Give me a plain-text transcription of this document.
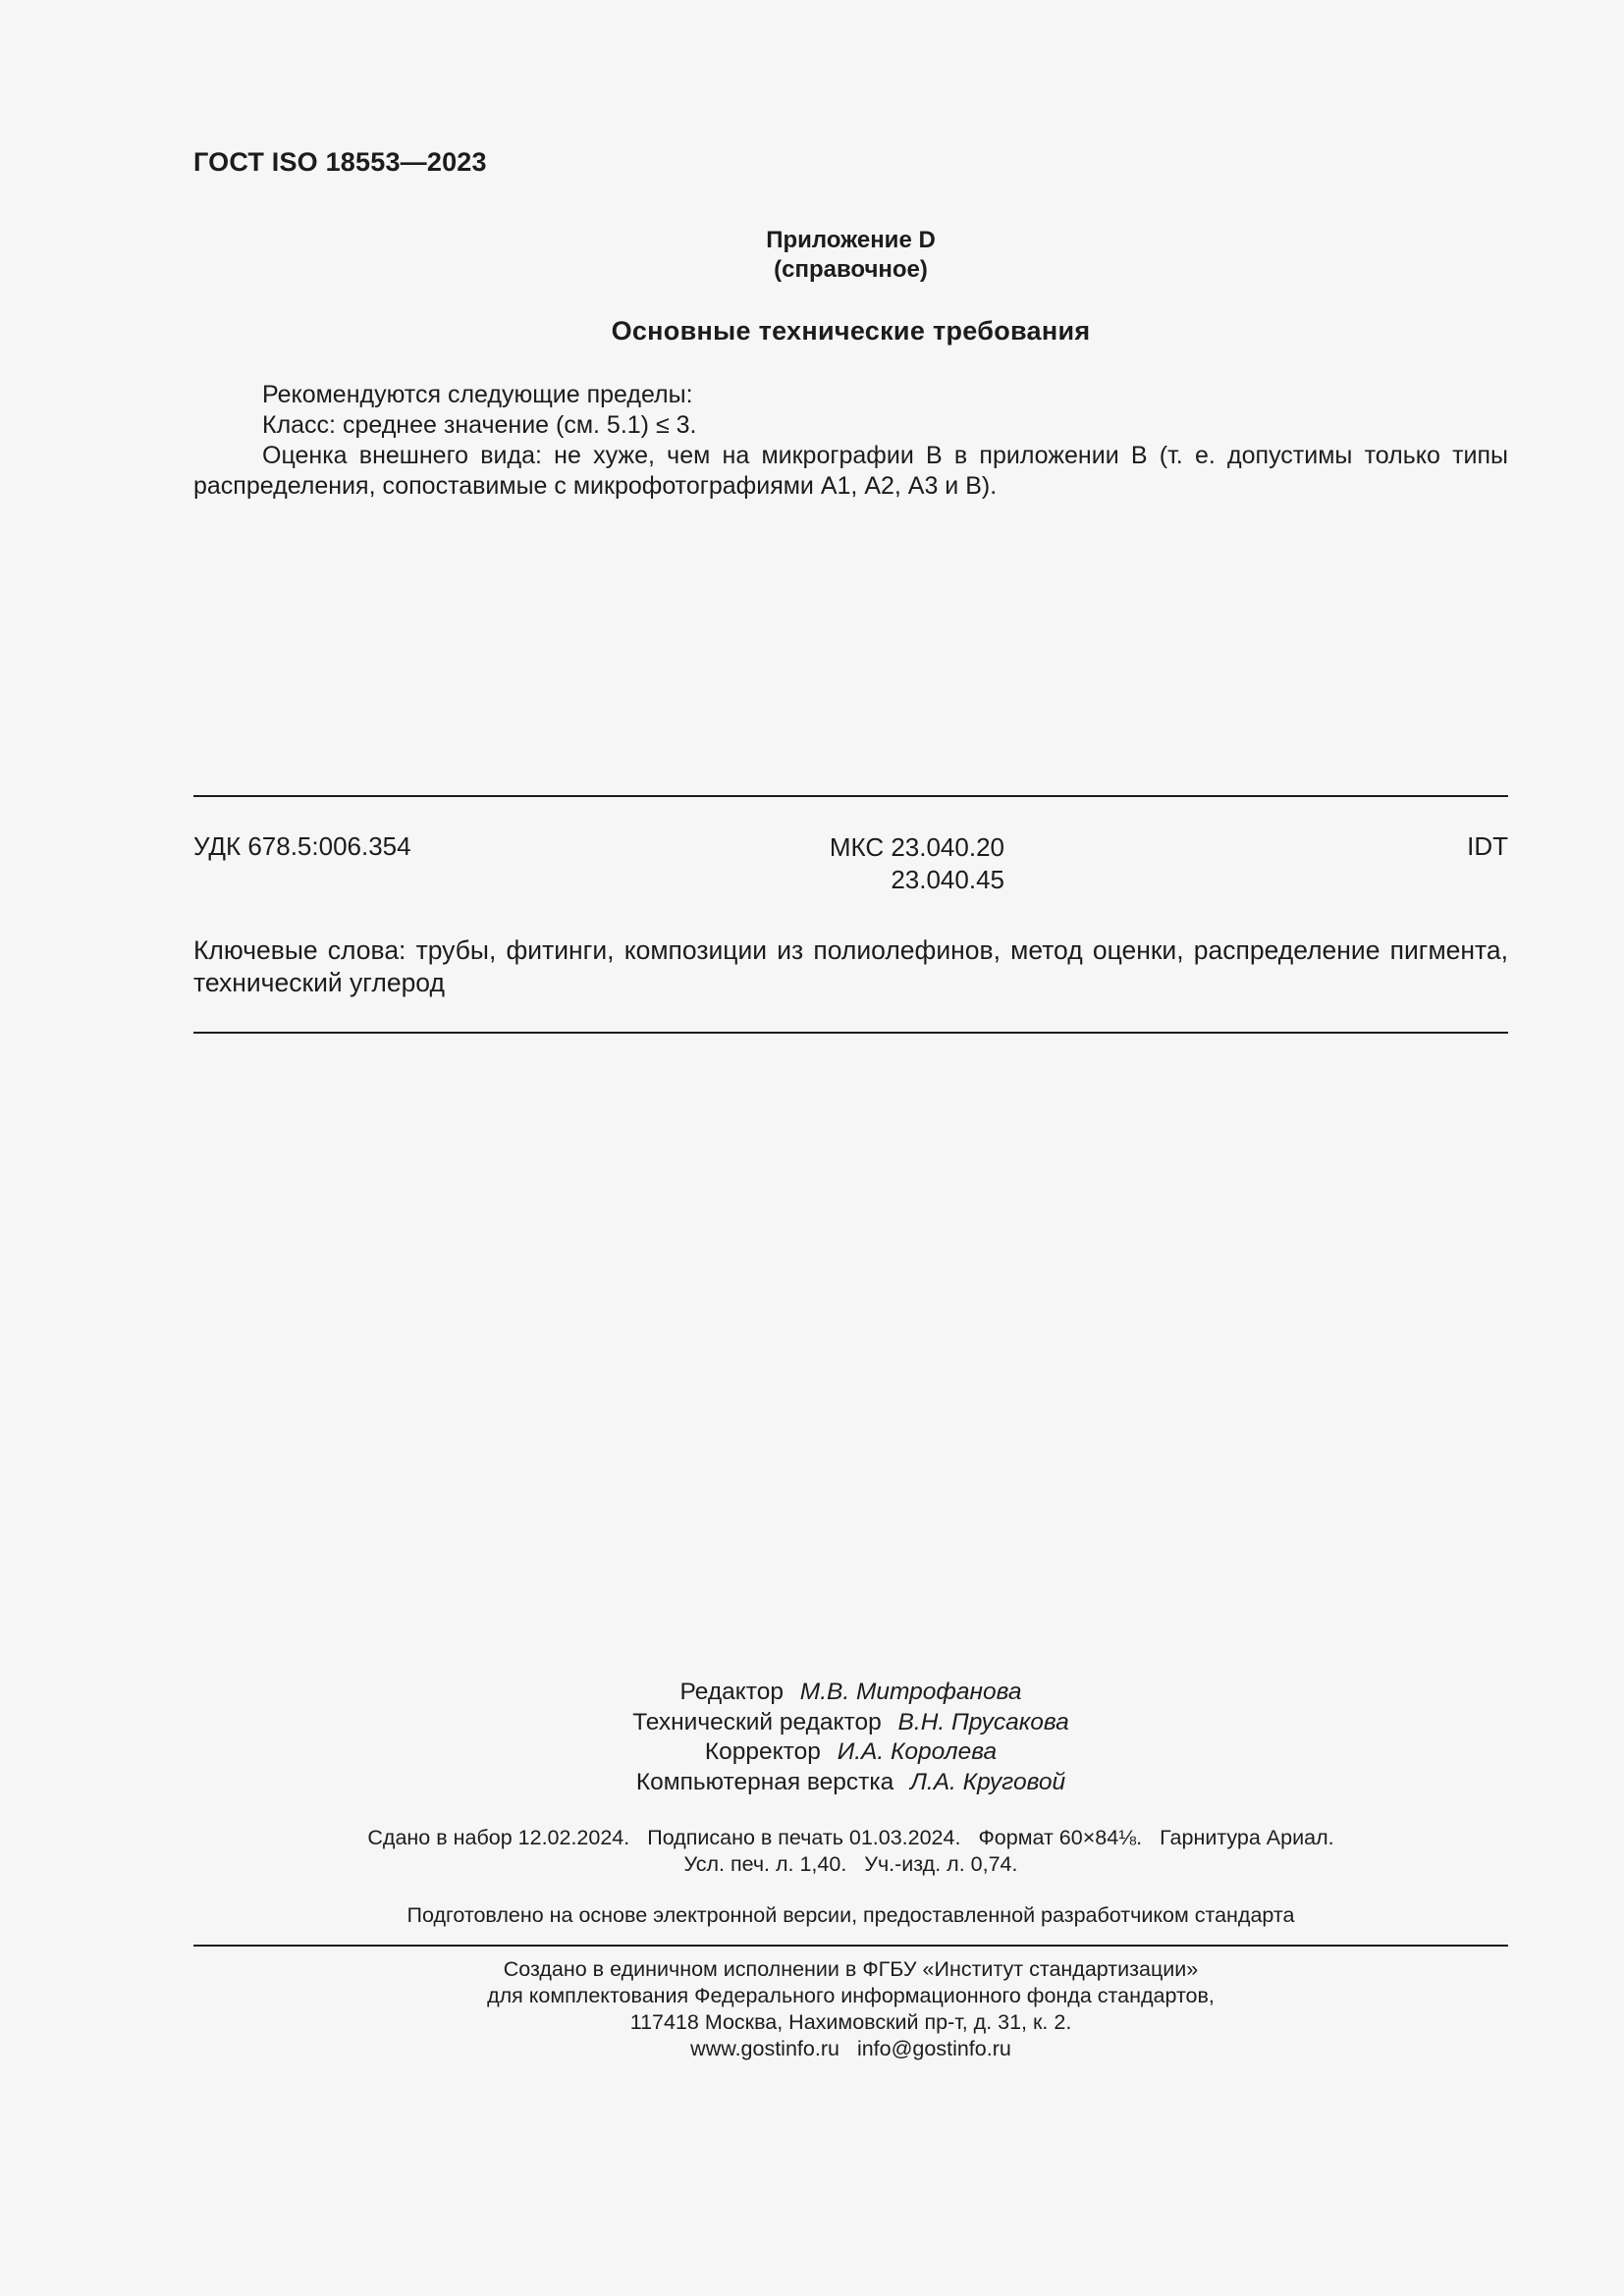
ГОСТ ISO 18553—2023
Приложение D
(справочное)
Основные технические требования

Рекомендуются следующие пределы:

Класс: среднее значение (см. 5.1) ≤ 3.

Оценка внешнего вида: не хуже, чем на микрографии В в приложении В (т. е. допустимы только типы распределения, сопоставимые с микрофотографиями А1, А2, А3 и В).

УДК 678.5:006.354	МКС 23.040.20
23.040.45
IDT
Ключевые слова: трубы, фитинги, композиции из полиолефинов, метод оценки, распределение пигмента, технический углерод
Редактор М.В. Митрофанова
Технический редактор В.Н. Прусакова
Корректор И.А. Королева
Компьютерная верстка Л.А. Круговой
Сдано в набор 12.02.2024. Подписано в печать 01.03.2024. Формат 60×84⅛. Гарнитура Ариал.
Усл. печ. л. 1,40. Уч.-изд. л. 0,74.
Подготовлено на основе электронной версии, предоставленной разработчиком стандарта
Создано в единичном исполнении в ФГБУ «Институт стандартизации»
для комплектования Федерального информационного фонда стандартов,
117418 Москва, Нахимовский пр-т, д. 31, к. 2.
www.gostinfo.ru info@gostinfo.ru
